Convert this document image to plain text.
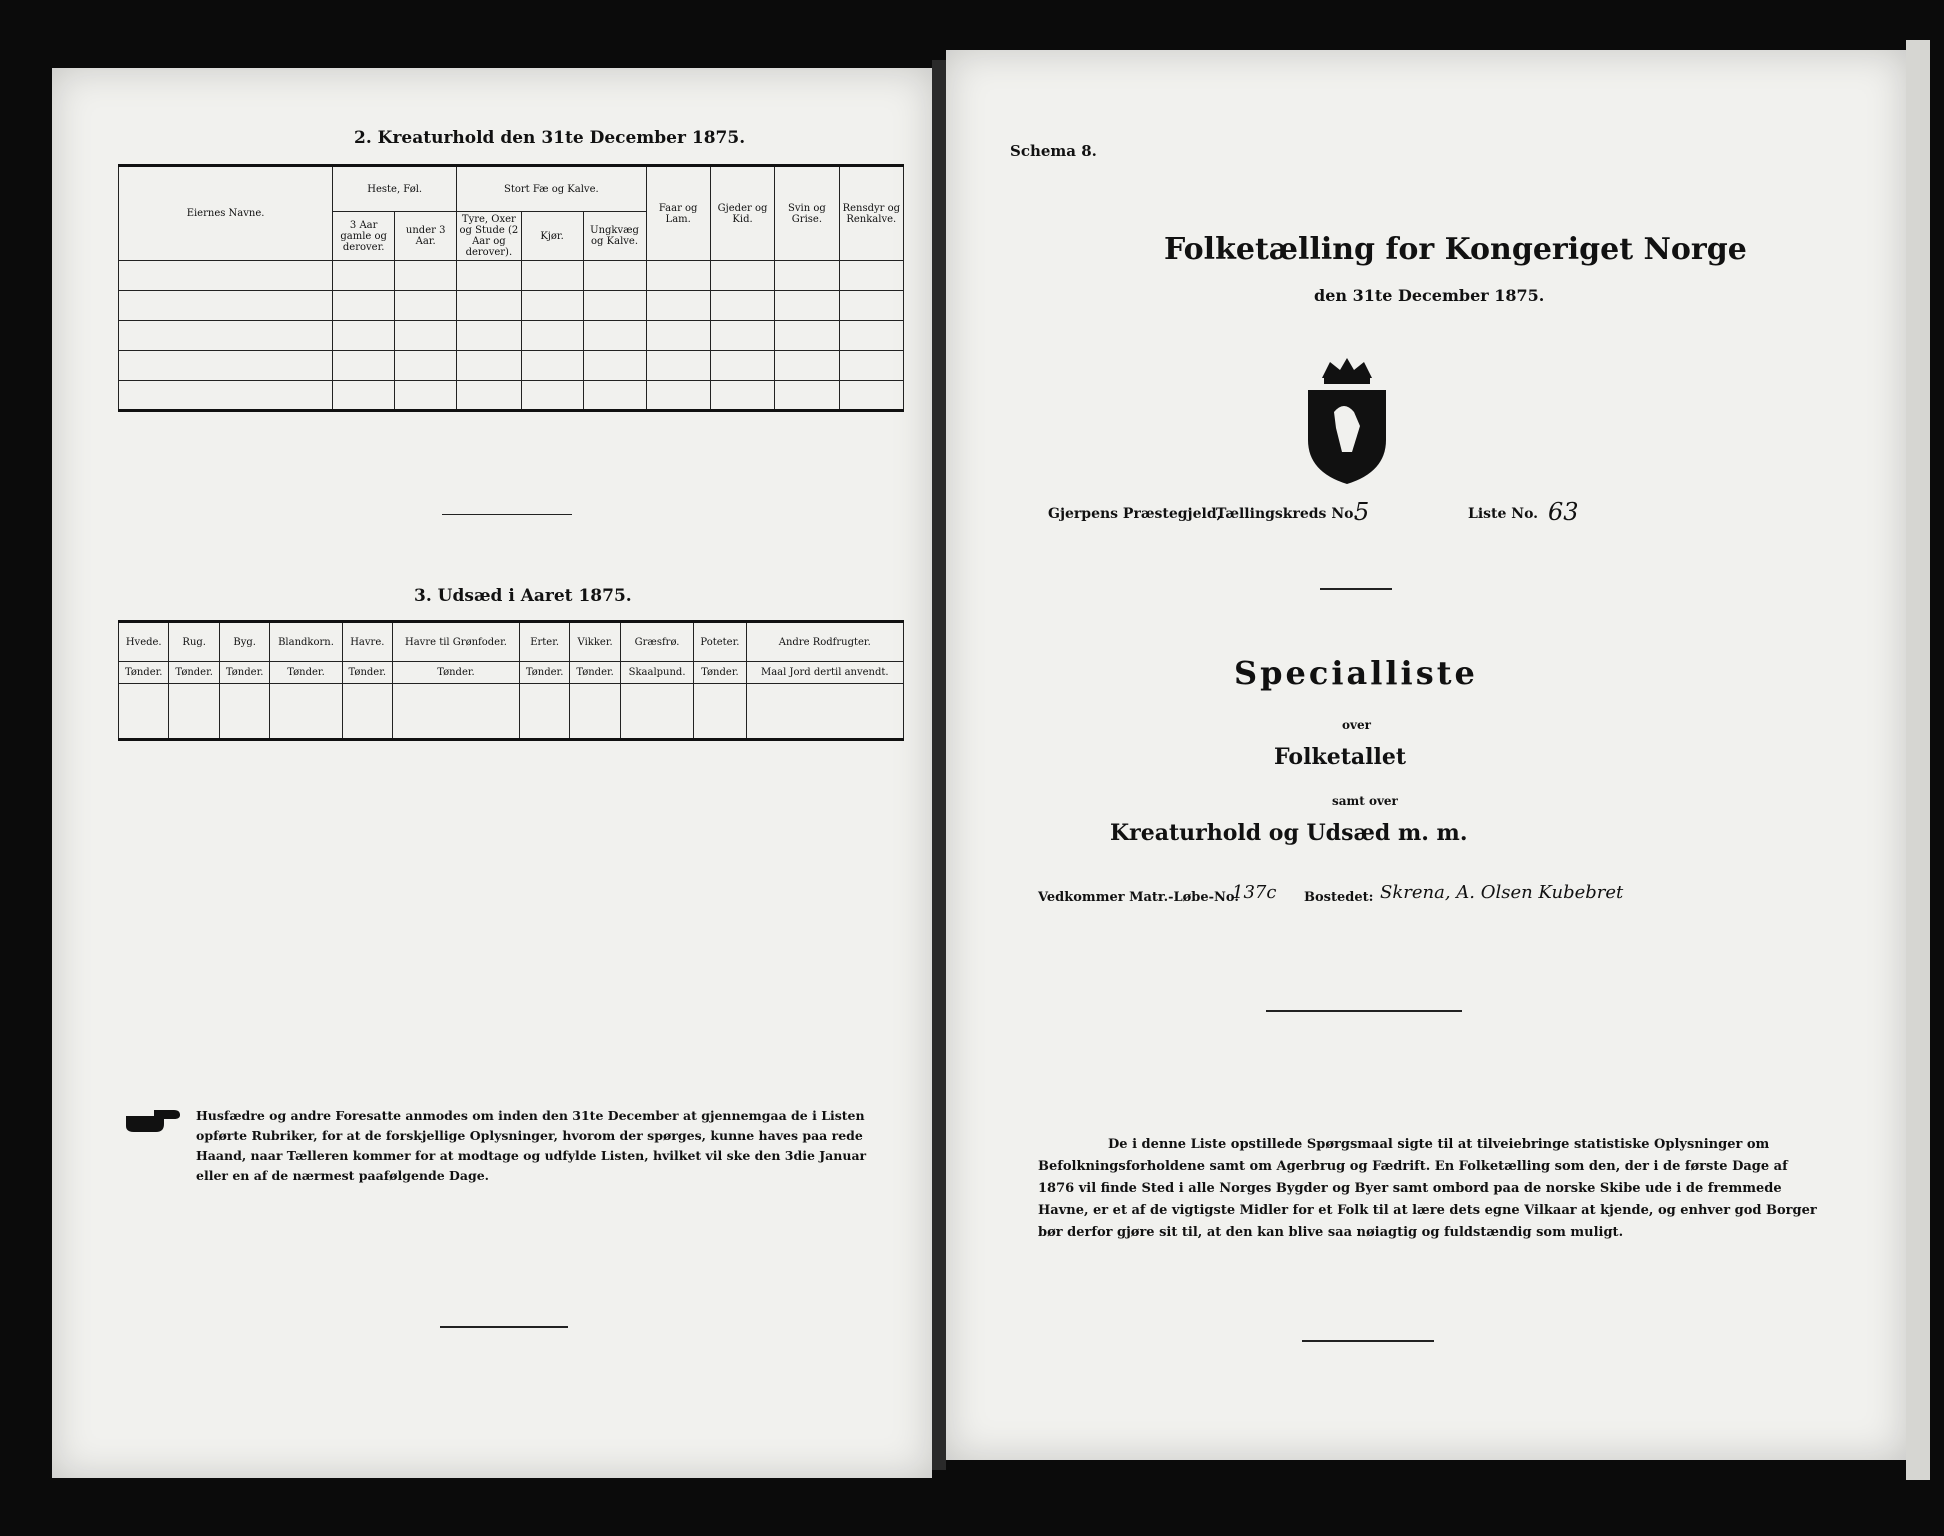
2. Kreaturhold den 31te December 1875.
Eiernes Navne.	Heste, Føl.		Stort Fæ og Kalve.			Faar og Lam.	Gjeder og Kid.	Svin og Grise.	Rensdyr og Renkalve.
	3 Aar gamle og derover.	under 3 Aar.	Tyre, Oxer og Stude (2 Aar og derover).	Kjør.	Ungkvæg og Kalve.				

3. Udsæd i Aaret 1875.
Hvede.	Rug.	Byg.	Blandkorn.	Havre.	Havre til Grønfoder.	Erter.	Vikker.	Græsfrø.	Poteter.	Andre Rodfrugter.
Tønder.	Tønder.	Tønder.	Tønder.	Tønder.	Tønder.	Tønder.	Tønder.	Skaalpund.	Tønder.	Maal Jord dertil anvendt.

Husfædre og andre Foresatte anmodes om inden den 31te December at gjennemgaa de i Listen opførte Rubriker, for at de forskjellige Oplysninger, hvorom der spørges, kunne haves paa rede Haand, naar Tælleren kommer for at modtage og udfylde Listen, hvilket vil ske den 3die Januar eller en af de nærmest paafølgende Dage.
Schema 8.
Folketælling for Kongeriget Norge
den 31te December 1875.
Gjerpens Præstegjeld,
Tællingskreds No.
5	Liste No. 63
Specialliste
over
Folketallet
samt over
Kreaturhold og Udsæd m. m.
Vedkommer Matr.-Løbe-No.
137c Bostedet: Skrena, A. Olsen Kubebret
De i denne Liste opstillede Spørgsmaal sigte til at tilveiebringe statistiske Oplysninger om Befolkningsforholdene samt om Agerbrug og Fædrift. En Folketælling som den, der i de første Dage af 1876 vil finde Sted i alle Norges Bygder og Byer samt ombord paa de norske Skibe ude i de fremmede Havne, er et af de vigtigste Midler for et Folk til at lære dets egne Vilkaar at kjende, og enhver god Borger bør derfor gjøre sit til, at den kan blive saa nøiagtig og fuldstændig som muligt.
